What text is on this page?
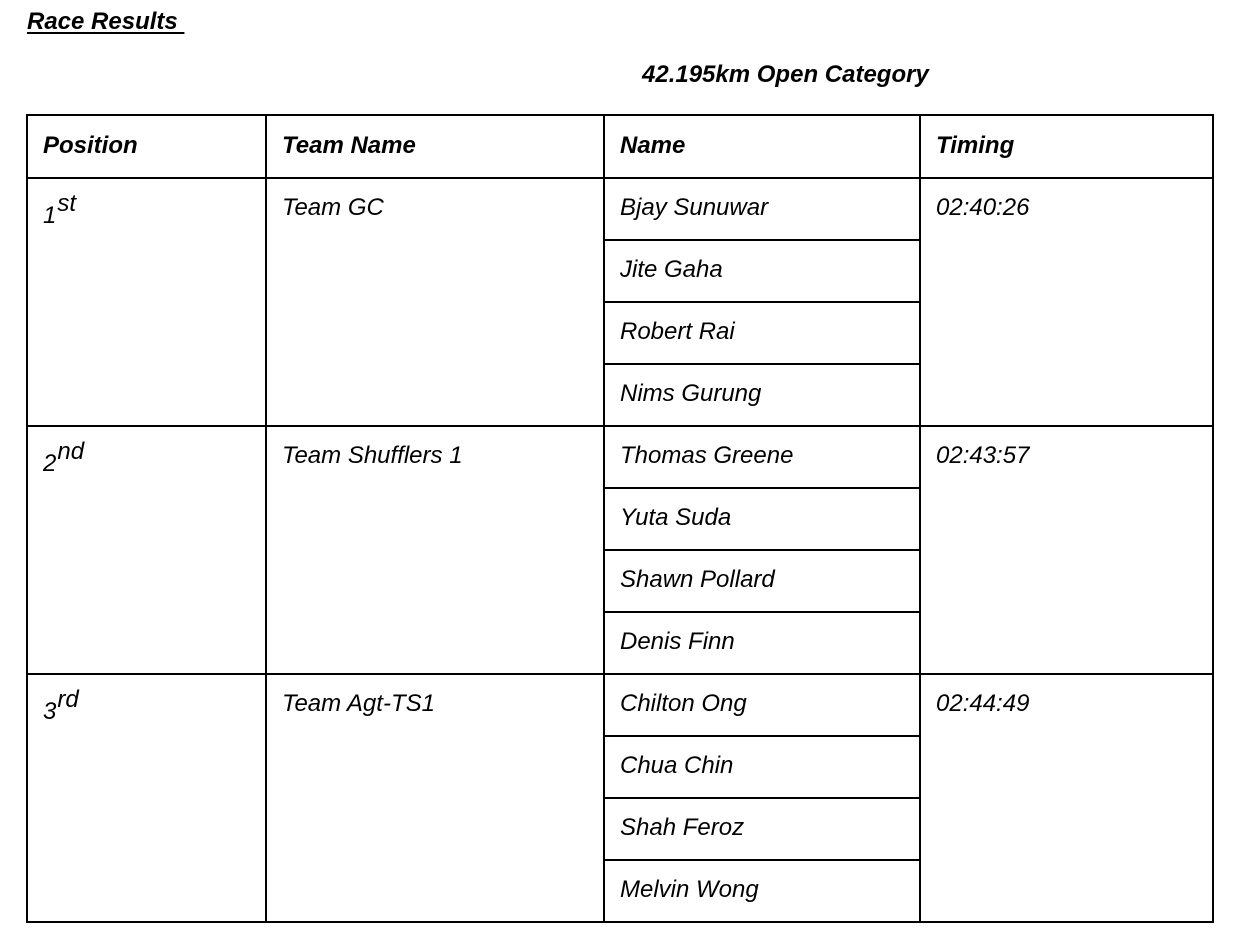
Race Results
42.195km Open Category
Position	Team Name	Name	Timing
1st	Team GC	Bjay Sunuwar	02:40:26
		Jite Gaha	
		Robert Rai	
		Nims Gurung	
2nd	Team Shufflers 1	Thomas Greene	02:43:57
		Yuta Suda	
		Shawn Pollard	
		Denis Finn	
3rd	Team Agt-TS1	Chilton Ong	02:44:49
		Chua Chin	
		Shah Feroz	
		Melvin Wong	
